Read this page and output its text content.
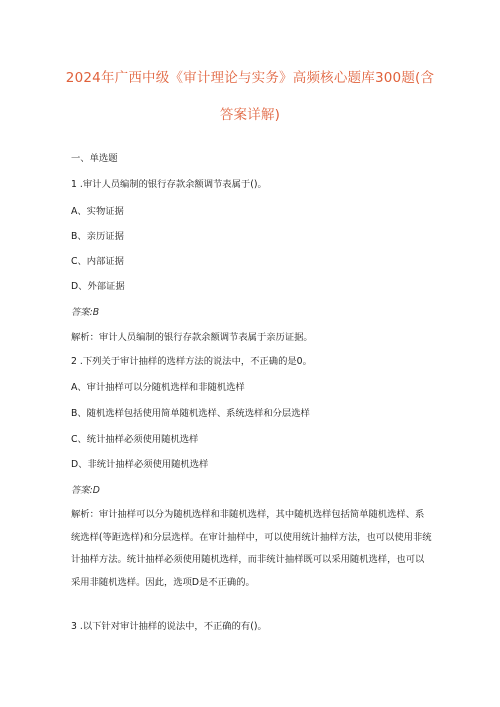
2024年广西中级《审计理论与实务》高频核心题库300题(含
答案详解)

一、单选题

1 .审计人员编制的银行存款余额调节表属于()。

A、实物证据

B、亲历证据

C、内部证据

D、外部证据

答案:B

解析：审计人员编制的银行存款余额调节表属于亲历证据。

2 .下列关于审计抽样的选样方法的说法中，不正确的是0。

A、审计抽样可以分随机选样和非随机选样

B、随机选样包括使用简单随机选样、系统选样和分层选样

C、统计抽样必须使用随机选样

D、非统计抽样必须使用随机选样

答案:D

解析：审计抽样可以分为随机选样和非随机选样，其中随机选样包括简单随机选样、系
统选样(等距选样)和分层选样。在审计抽样中，可以使用统计抽样方法，也可以使用非统
计抽样方法。统计抽样必须使用随机选样，而非统计抽样既可以采用随机选样，也可以
采用非随机选样。因此，选项D是不正确的。

3 .以下针对审计抽样的说法中，不正确的有()。
